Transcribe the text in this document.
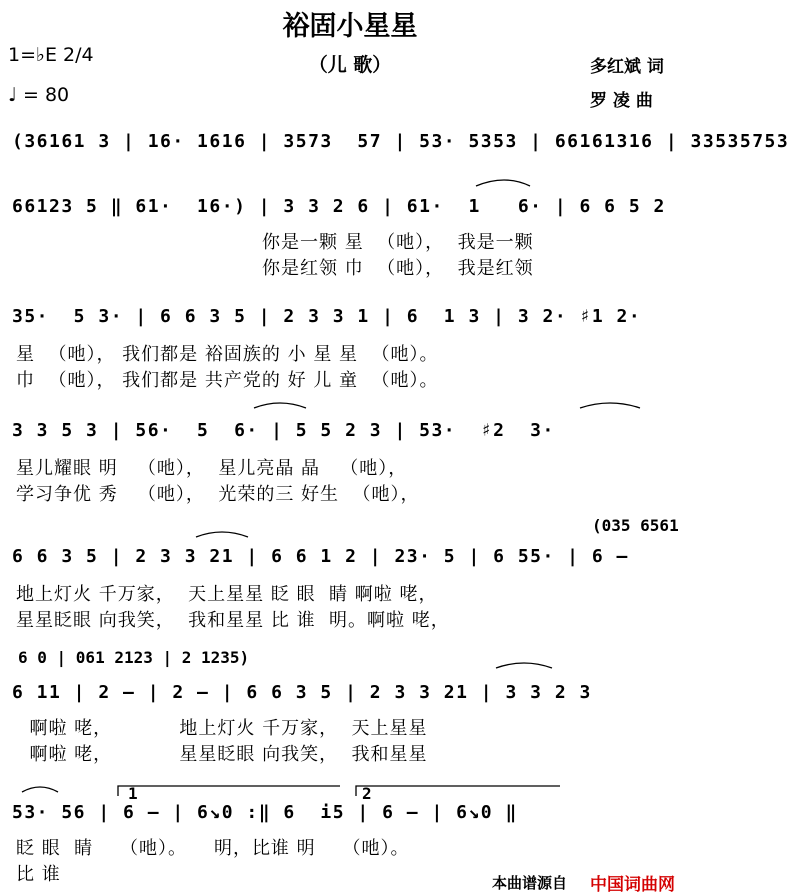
裕固小星星
（儿 歌）
1=♭E 2/4
♩ = 80
多红斌 词
罗 凌 曲
(36161 3 | 16· 1616 | 3573  57 | 53· 5353 | 66161316 | 33535753
66123 5 ‖ 61·  16·) | 3 3 2 6 | 61·  1   6· | 6 6 5 2
你是一颗 星  （吔），  我是一颗
你是红领 巾  （吔），  我是红领
35·  5 3· | 6 6 3 5 | 2 3 3 1 | 6  1 3 | 3 2· ♯1 2·
星  （吔）， 我们都是 裕固族的 小 星 星  （吔）。
巾  （吔）， 我们都是 共产党的 好 儿 童  （吔）。
3 3 5 3 | 56·  5  6· | 5 5 2 3 | 53·  ♯2  3·
星儿耀眼 明   （吔），  星儿亮晶 晶   （吔），
学习争优 秀   （吔），  光荣的三 好生  （吔），
(035 6561
6 6 3 5 | 2 3 3 21 | 6 6 1 2 | 23· 5 | 6 55· | 6 —
地上灯火 千万家，  天上星星 眨 眼  睛 啊啦 咾，
星星眨眼 向我笑，  我和星星 比 谁  明。啊啦 咾，
6 0 | 061 2123 | 2 1235)
6 11 | 2 — | 2 — | 6 6 3 5 | 2 3 3 21 | 3 3 2 3
啊啦 咾，          地上灯火 千万家，  天上星星
啊啦 咾，          星星眨眼 向我笑，  我和星星
1	2
53· 56 | 6 — | 6↘0 :‖ 6  i5 | 6 — | 6↘0 ‖
眨 眼  睛    （吔）。    明，比谁 明    （吔）。
比 谁	本曲谱源自 中国词曲网
